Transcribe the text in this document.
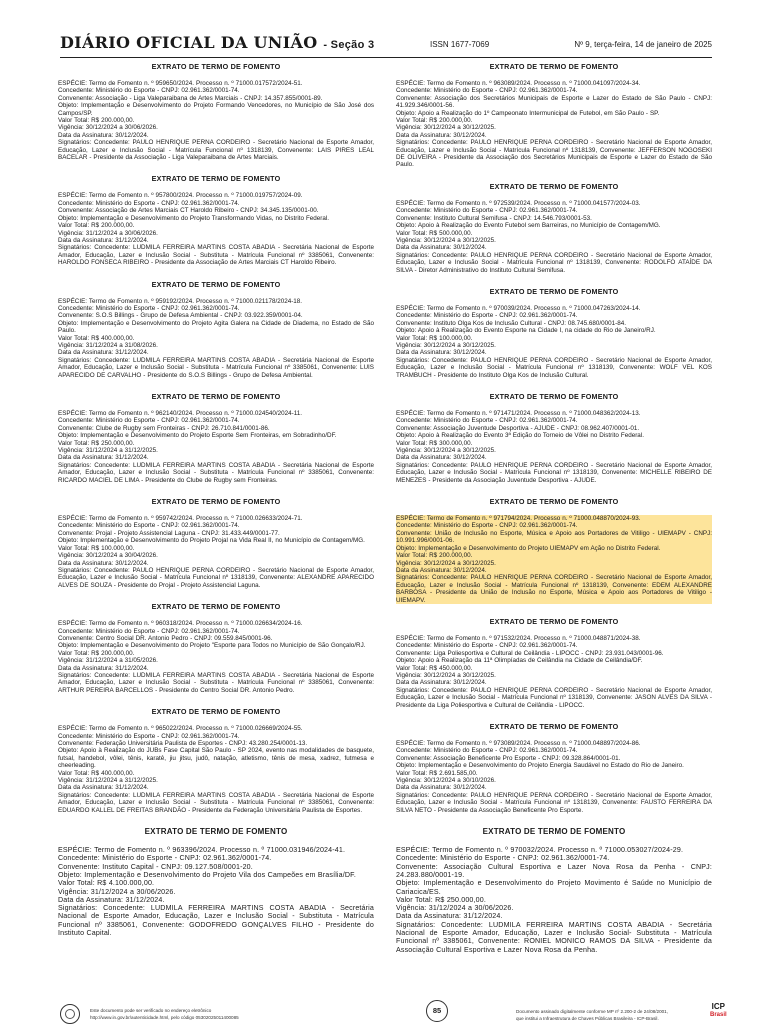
DIÁRIO OFICIAL DA UNIÃO - Seção 3	ISSN 1677-7069	Nº 9, terça-feira, 14 de janeiro de 2025
EXTRATO DE TERMO DE FOMENTO

ESPÉCIE: Termo de Fomento n. º 959650/2024. Processo n. º 71000.017572/2024-51.

Concedente: Ministério do Esporte - CNPJ: 02.961.362/0001-74.

Convenente: Associação - Liga Valeparaibana de Artes Marciais - CNPJ: 14.357.855/0001-89.

Objeto: Implementação e Desenvolvimento do Projeto Formando Vencedores, no Município de São José dos Campos/SP.

Valor Total: R$ 200.000,00.

Vigência: 30/12/2024 a 30/06/2026.

Data da Assinatura: 30/12/2024.

Signatários: Concedente: PAULO HENRIQUE PERNA CORDEIRO - Secretário Nacional de Esporte Amador, Educação, Lazer e Inclusão Social - Matrícula Funcional nº 1318139, Convenente: LAIS PIRES LEAL BACELAR - Presidente da Associação - Liga Valeparaibana de Artes Marciais.

EXTRATO DE TERMO DE FOMENTO

ESPÉCIE: Termo de Fomento n. º 957800/2024. Processo n. º 71000.019757/2024-09.

Concedente: Ministério do Esporte - CNPJ: 02.961.362/0001-74.

Convenente: Associação de Artes Marciais CT Haroldo Ribeiro - CNPJ: 34.345.135/0001-00.

Objeto: Implementação e Desenvolvimento do Projeto Transformando Vidas, no Distrito Federal.

Valor Total: R$ 200.000,00.

Vigência: 31/12/2024 a 30/06/2026.

Data da Assinatura: 31/12/2024.

Signatários: Concedente: LUDMILA FERREIRA MARTINS COSTA ABADIA - Secretária Nacional de Esporte Amador, Educação, Lazer e Inclusão Social - Substituta - Matrícula Funcional nº 3385061, Convenente: HAROLDO FONSECA RIBEIRO - Presidente da Associação de Artes Marciais CT Haroldo Ribeiro.

EXTRATO DE TERMO DE FOMENTO

ESPÉCIE: Termo de Fomento n. º 959192/2024. Processo n. º 71000.021178/2024-18.

Concedente: Ministério do Esporte - CNPJ: 02.961.362/0001-74.

Convenente: S.O.S Billings - Grupo de Defesa Ambiental - CNPJ: 03.922.359/0001-04.

Objeto: Implementação e Desenvolvimento do Projeto Agita Galera na Cidade de Diadema, no Estado de São Paulo.

Valor Total: R$ 400.000,00.

Vigência: 31/12/2024 a 31/08/2026.

Data da Assinatura: 31/12/2024.

Signatários: Concedente: LUDMILA FERREIRA MARTINS COSTA ABADIA - Secretária Nacional de Esporte Amador, Educação, Lazer e Inclusão Social - Substituta - Matrícula Funcional nº 3385061, Convenente: LUIS APARECIDO DE CARVALHO - Presidente do S.O.S Billings - Grupo de Defesa Ambiental.

EXTRATO DE TERMO DE FOMENTO

ESPÉCIE: Termo de Fomento n. º 962140/2024. Processo n. º 71000.024540/2024-11.

Concedente: Ministério do Esporte - CNPJ: 02.961.362/0001-74.

Convenente: Clube de Rugby sem Fronteiras - CNPJ: 26.710.841/0001-86.

Objeto: Implementação e Desenvolvimento do Projeto Esporte Sem Fronteiras, em Sobradinho/DF.

Valor Total: R$ 250.000,00.

Vigência: 31/12/2024 a 31/12/2025.

Data da Assinatura: 31/12/2024.

Signatários: Concedente: LUDMILA FERREIRA MARTINS COSTA ABADIA - Secretária Nacional de Esporte Amador, Educação, Lazer e Inclusão Social - Substituta - Matrícula Funcional nº 3385061, Convenente: RICARDO MACIEL DE LIMA - Presidente do Clube de Rugby sem Fronteiras.

EXTRATO DE TERMO DE FOMENTO

ESPÉCIE: Termo de Fomento n. º 959742/2024. Processo n. º 71000.026633/2024-71.

Concedente: Ministério do Esporte - CNPJ: 02.961.362/0001-74.

Convenente: Projal - Projeto Assistencial Laguna - CNPJ: 31.433.449/0001-77.

Objeto: Implementação e Desenvolvimento do Projeto Projal na Vida Real II, no Município de Contagem/MG.

Valor Total: R$ 100.000,00.

Vigência: 30/12/2024 a 30/04/2026.

Data da Assinatura: 30/12/2024.

Signatários: Concedente: PAULO HENRIQUE PERNA CORDEIRO - Secretário Nacional de Esporte Amador, Educação, Lazer e Inclusão Social - Matrícula Funcional nº 1318139, Convenente: ALEXANDRE APARECIDO ALVES DE SOUZA - Presidente do Projal - Projeto Assistencial Laguna.

EXTRATO DE TERMO DE FOMENTO

ESPÉCIE: Termo de Fomento n. º 960318/2024. Processo n. º 71000.026634/2024-16.

Concedente: Ministério do Esporte - CNPJ: 02.961.362/0001-74.

Convenente: Centro Social DR. Antonio Pedro - CNPJ: 09.559.845/0001-96.

Objeto: Implementação e Desenvolvimento do Projeto "Esporte para Todos no Município de São Gonçalo/RJ.

Valor Total: R$ 200.000,00.

Vigência: 31/12/2024 a 31/05/2026.

Data da Assinatura: 31/12/2024.

Signatários: Concedente: LUDMILA FERREIRA MARTINS COSTA ABADIA - Secretária Nacional de Esporte Amador, Educação, Lazer e Inclusão Social - Substituta - Matrícula Funcional nº 3385061, Convenente: ARTHUR PEREIRA BARCELLOS - Presidente do Centro Social DR. Antonio Pedro.

EXTRATO DE TERMO DE FOMENTO

ESPÉCIE: Termo de Fomento n. º 965022/2024. Processo n. º 71000.026669/2024-55.

Concedente: Ministério do Esporte - CNPJ: 02.961.362/0001-74.

Convenente: Federação Universitária Paulista de Esportes - CNPJ: 43.280.254/0001-13.

Objeto: Apoio à Realização do JUBs Fase Capital São Paulo - SP 2024, evento nas modalidades de basquete, futsal, handebol, vôlei, tênis, karatê, jiu jitsu, judô, natação, atletismo, tênis de mesa, xadrez, futmesa e cheerleading.

Valor Total: R$ 400.000,00.

Vigência: 31/12/2024 a 31/12/2025.

Data da Assinatura: 31/12/2024.

Signatários: Concedente: LUDMILA FERREIRA MARTINS COSTA ABADIA - Secretária Nacional de Esporte Amador, Educação, Lazer e Inclusão Social - Substituta - Matrícula Funcional nº 3385061, Convenente: EDUARDO KALLEL DE FREITAS BRANDÃO - Presidente da Federação Universitária Paulista de Esportes.

EXTRATO DE TERMO DE FOMENTO

ESPÉCIE: Termo de Fomento n. º 963396/2024. Processo n. º 71000.031946/2024-41.

Concedente: Ministério do Esporte - CNPJ: 02.961.362/0001-74.

Convenente: Instituto Capital - CNPJ: 09.127.508/0001-20.

Objeto: Implementação e Desenvolvimento do Projeto Vila dos Campeões em Brasília/DF.

Valor Total: R$ 4.100.000,00.

Vigência: 31/12/2024 a 30/06/2026.

Data da Assinatura: 31/12/2024.

Signatários: Concedente: LUDMILA FERREIRA MARTINS COSTA ABADIA - Secretária Nacional de Esporte Amador, Educação, Lazer e Inclusão Social - Substituta - Matrícula Funcional nº 3385061, Convenente: GODOFREDO GONÇALVES FILHO - Presidente do Instituto Capital.

EXTRATO DE TERMO DE FOMENTO

ESPÉCIE: Termo de Fomento n. º 963089/2024. Processo n. º 71000.041097/2024-34.

Concedente: Ministério do Esporte - CNPJ: 02.961.362/0001-74.

Convenente: Associação dos Secretários Municipais de Esporte e Lazer do Estado de São Paulo - CNPJ: 41.929.346/0001-56.

Objeto: Apoio a Realização do 1º Campeonato Intermunicipal de Futebol, em São Paulo - SP.

Valor Total: R$ 200.000,00.

Vigência: 30/12/2024 a 30/12/2025.

Data da Assinatura: 30/12/2024.

Signatários: Concedente: PAULO HENRIQUE PERNA CORDEIRO - Secretário Nacional de Esporte Amador, Educação, Lazer e Inclusão Social - Matrícula Funcional nº 1318139, Convenente: JEFFERSON NOGOSEKI DE OLIVEIRA - Presidente da Associação dos Secretários Municipais de Esporte e Lazer do Estado de São Paulo.

EXTRATO DE TERMO DE FOMENTO

ESPÉCIE: Termo de Fomento n. º 972539/2024. Processo n. º 71000.041577/2024-03.

Concedente: Ministério do Esporte - CNPJ: 02.961.362/0001-74.

Convenente: Instituto Cultural Semifusa - CNPJ: 14.546.793/0001-53.

Objeto: Apoio à Realização do Evento Futebol sem Barreiras, no Município de Contagem/MG.

Valor Total: R$ 500.000,00.

Vigência: 30/12/2024 a 30/12/2025.

Data da Assinatura: 30/12/2024.

Signatários: Concedente: PAULO HENRIQUE PERNA CORDEIRO - Secretário Nacional de Esporte Amador, Educação, Lazer e Inclusão Social - Matrícula Funcional nº 1318139, Convenente: RODOLFO ATAÍDE DA SILVA - Diretor Administrativo do Instituto Cultural Semifusa.

EXTRATO DE TERMO DE FOMENTO

ESPÉCIE: Termo de Fomento n. º 970039/2024. Processo n. º 71000.047263/2024-14.

Concedente: Ministério do Esporte - CNPJ: 02.961.362/0001-74.

Convenente: Instituto Olga Kos de Inclusão Cultural - CNPJ: 08.745.680/0001-84.

Objeto: Apoio à Realização do Evento Esporte na Cidade I, na cidade do Rio de Janeiro/RJ.

Valor Total: R$ 100.000,00.

Vigência: 30/12/2024 a 30/12/2025.

Data da Assinatura: 30/12/2024.

Signatários: Concedente: PAULO HENRIQUE PERNA CORDEIRO - Secretário Nacional de Esporte Amador, Educação, Lazer e Inclusão Social - Matrícula Funcional nº 1318139, Convenente: WOLF VEL KOS TRAMBUCH - Presidente do Instituto Olga Kos de Inclusão Cultural.

EXTRATO DE TERMO DE FOMENTO

ESPÉCIE: Termo de Fomento n. º 971471/2024. Processo n. º 71000.048362/2024-13.

Concedente: Ministério do Esporte - CNPJ: 02.961.362/0001-74.

Convenente: Associação Juventude Desportiva - AJUDE - CNPJ: 08.962.407/0001-01.

Objeto: Apoio à Realização do Evento 3ª Edição do Torneio de Vôlei no Distrito Federal.

Valor Total: R$ 300.000,00.

Vigência: 30/12/2024 a 30/12/2025.

Data da Assinatura: 30/12/2024.

Signatários: Concedente: PAULO HENRIQUE PERNA CORDEIRO - Secretário Nacional de Esporte Amador, Educação, Lazer e Inclusão Social - Matrícula Funcional nº 1318139, Convenente: MICHELLE RIBEIRO DE MENEZES - Presidente da Associação Juventude Desportiva - AJUDE.

EXTRATO DE TERMO DE FOMENTO

ESPÉCIE: Termo de Fomento n. º 971794/2024. Processo n. º 71000.048870/2024-93.

Concedente: Ministério do Esporte - CNPJ: 02.961.362/0001-74.

Convenente: União de Inclusão no Esporte, Música e Apoio aos Portadores de Vitiligo - UIEMAPV - CNPJ: 10.991.996/0001-06.

Objeto: Implementação e Desenvolvimento do Projeto UIEMAPV em Ação no Distrito Federal.

Valor Total: R$ 200.000,00.

Vigência: 30/12/2024 a 30/12/2025.

Data da Assinatura: 30/12/2024.

Signatários: Concedente: PAULO HENRIQUE PERNA CORDEIRO - Secretário Nacional de Esporte Amador, Educação, Lazer e Inclusão Social - Matrícula Funcional nº 1318139, Convenente: EDEM ALEXANDRE BARBOSA - Presidente da União de Inclusão no Esporte, Música e Apoio aos Portadores de Vitiligo - UIEMAPV.

EXTRATO DE TERMO DE FOMENTO

ESPÉCIE: Termo de Fomento n. º 971532/2024. Processo n. º 71000.048871/2024-38.

Concedente: Ministério do Esporte - CNPJ: 02.961.362/0001-74.

Convenente: Liga Poliesportiva e Cultural de Ceilândia - LIPOCC - CNPJ: 23.931.043/0001-96.

Objeto: Apoio à Realização da 11ª Olimpíadas de Ceilândia na Cidade de Ceilândia/DF.

Valor Total: R$ 450.000,00.

Vigência: 30/12/2024 a 30/12/2025.

Data da Assinatura: 30/12/2024.

Signatários: Concedente: PAULO HENRIQUE PERNA CORDEIRO - Secretário Nacional de Esporte Amador, Educação, Lazer e Inclusão Social - Matrícula Funcional nº 1318139, Convenente: JASON ALVES DA SILVA - Presidente da Liga Poliesportiva e Cultural de Ceilândia - LIPOCC.

EXTRATO DE TERMO DE FOMENTO

ESPÉCIE: Termo de Fomento n. º 973089/2024. Processo n. º 71000.048897/2024-86.

Concedente: Ministério do Esporte - CNPJ: 02.961.362/0001-74.

Convenente: Associação Beneficente Pro Esporte - CNPJ: 09.328.864/0001-01.

Objeto: Implementação e Desenvolvimento do Projeto Energia Saudável no Estado do Rio de Janeiro.

Valor Total: R$ 2.691.585,00.

Vigência: 30/12/2024 a 30/10/2026.

Data da Assinatura: 30/12/2024.

Signatários: Concedente: PAULO HENRIQUE PERNA CORDEIRO - Secretário Nacional de Esporte Amador, Educação, Lazer e Inclusão Social - Matrícula Funcional nº 1318139, Convenente: FAUSTO FERREIRA DA SILVA NETO - Presidente da Associação Beneficente Pro Esporte.

EXTRATO DE TERMO DE FOMENTO

ESPÉCIE: Termo de Fomento n. º 970032/2024. Processo n. º 71000.053027/2024-29.

Concedente: Ministério do Esporte - CNPJ: 02.961.362/0001-74.

Convenente: Associação Cultural Esportiva e Lazer Nova Rosa da Penha - CNPJ: 24.283.880/0001-19.

Objeto: Implementação e Desenvolvimento do Projeto Movimento é Saúde no Município de Cariacica/ES.

Valor Total: R$ 250.000,00.

Vigência: 31/12/2024 a 30/06/2026.

Data da Assinatura: 31/12/2024.

Signatários: Concedente: LUDMILA FERREIRA MARTINS COSTA ABADIA - Secretária Nacional de Esporte Amador, Educação, Lazer e Inclusão Social- Substituta - Matrícula Funcional nº 3385061, Convenente: RONIEL MONICO RAMOS DA SILVA - Presidente da Associação Cultural Esportiva e Lazer Nova Rosa da Penha.

Este documento pode ser verificado no endereço eletrônico
http://www.in.gov.br/autenticidade.html, pelo código 05302025011400085
85	Documento assinado digitalmente conforme MP nº 2.200-2 de 24/08/2001,
que institui a Infraestrutura de Chaves Públicas Brasileira - ICP-Brasil.
ICP
Brasil
